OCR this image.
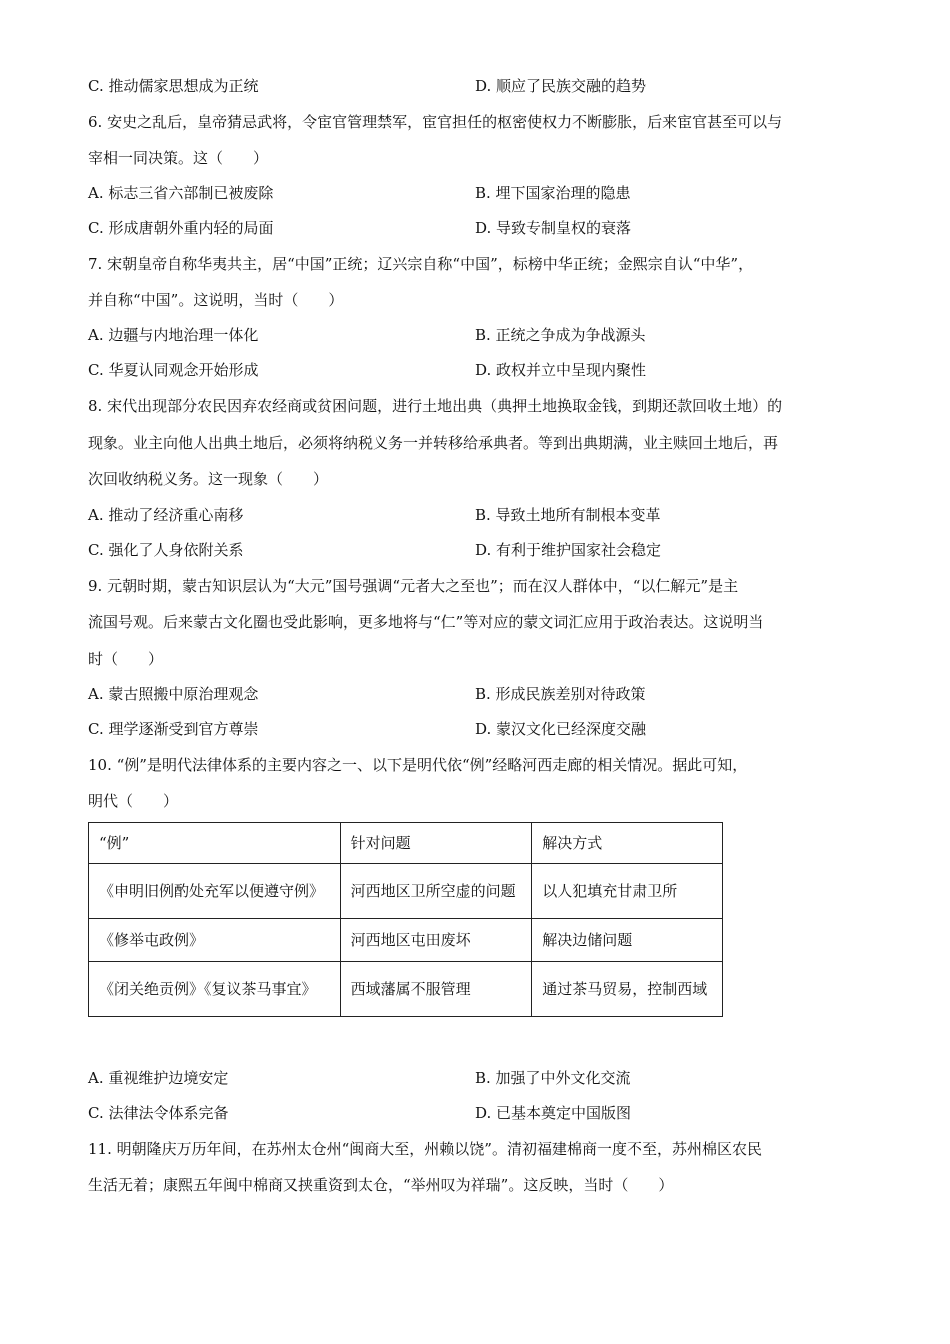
C. 推动儒家思想成为正统	D. 顺应了民族交融的趋势
6. 安史之乱后，皇帝猜忌武将，令宦官管理禁军，宦官担任的枢密使权力不断膨胀，后来宦官甚至可以与
宰相一同决策。这（　　）
A. 标志三省六部制已被废除	B. 埋下国家治理的隐患
C. 形成唐朝外重内轻的局面	D. 导致专制皇权的衰落
7. 宋朝皇帝自称华夷共主，居“中国”正统；辽兴宗自称“中国”，标榜中华正统；金熙宗自认“中华”，
并自称“中国”。这说明，当时（　　）
A. 边疆与内地治理一体化	B. 正统之争成为争战源头
C. 华夏认同观念开始形成	D. 政权并立中呈现内聚性
8. 宋代出现部分农民因弃农经商或贫困问题，进行土地出典（典押土地换取金钱，到期还款回收土地）的
现象。业主向他人出典土地后，必须将纳税义务一并转移给承典者。等到出典期满，业主赎回土地后，再
次回收纳税义务。这一现象（　　）
A. 推动了经济重心南移	B. 导致土地所有制根本变革
C. 强化了人身依附关系	D. 有利于维护国家社会稳定
9. 元朝时期，蒙古知识层认为“大元”国号强调“元者大之至也”；而在汉人群体中，“以仁解元”是主
流国号观。后来蒙古文化圈也受此影响，更多地将与“仁”等对应的蒙文词汇应用于政治表达。这说明当
时（　　）
A. 蒙古照搬中原治理观念	B. 形成民族差别对待政策
C. 理学逐渐受到官方尊崇	D. 蒙汉文化已经深度交融
10. “例”是明代法律体系的主要内容之一、以下是明代依“例”经略河西走廊的相关情况。据此可知，
明代（　　）
“例”	针对问题	解决方式
《申明旧例酌处充军以便遵守例》	河西地区卫所空虚的问题	以人犯填充甘肃卫所
《修举屯政例》	河西地区屯田废坏	解决边储问题
《闭关绝贡例》《复议茶马事宜》	西域藩属不服管理	通过茶马贸易，控制西域
A. 重视维护边境安定	B. 加强了中外文化交流
C. 法律法令体系完备	D. 已基本奠定中国版图
11. 明朝隆庆万历年间，在苏州太仓州“闽商大至，州赖以饶”。清初福建棉商一度不至，苏州棉区农民
生活无着；康熙五年闽中棉商又挟重资到太仓，“举州叹为祥瑞”。这反映，当时（　　）
